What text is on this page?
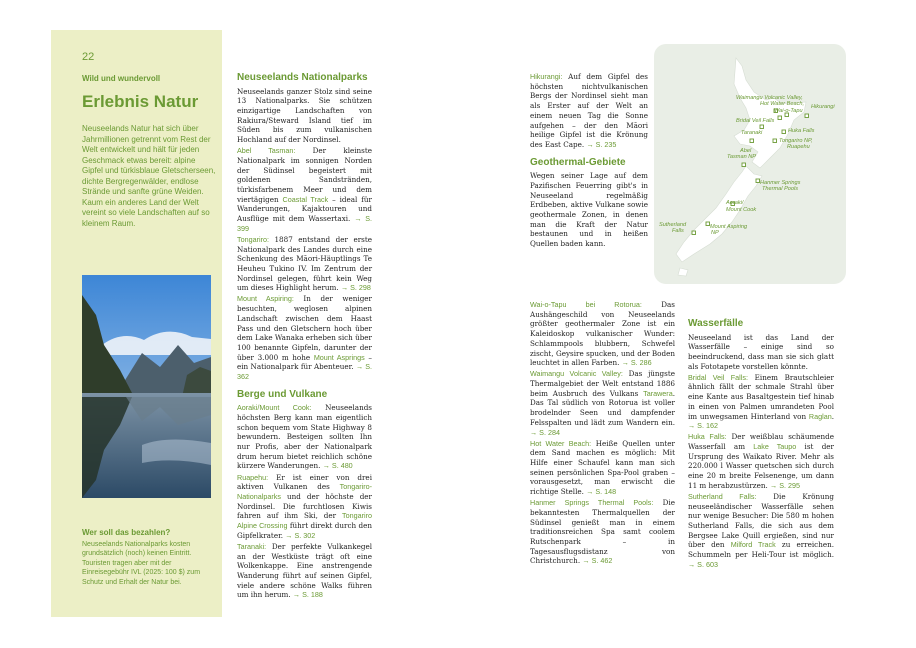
22
Wild und wundervoll
Erlebnis Natur

Neuseelands Natur hat sich über Jahrmillionen getrennt vom Rest der Welt entwickelt und hält für jeden Geschmack etwas bereit: alpine Gipfel und türkisblaue Gletscherseen, dichte Bergregenwälder, endlose Strände und sanfte grüne Weiden. Kaum ein anderes Land der Welt vereint so viele Landschaften auf so kleinem Raum.

Wer soll das bezahlen?

Neuseelands Nationalparks kosten grundsätzlich (noch) keinen Eintritt. Touristen tragen aber mit der Einreisegebühr IVL (2025: 100 $) zum Schutz und Erhalt der Natur bei.

Neuseelands Nationalparks

Neuseelands ganzer Stolz sind seine 13 Nationalparks. Sie schützen einzigartige Landschaften von Rakiura/Steward Island tief im Süden bis zum vulkanischen Hochland auf der Nordinsel.

Abel Tasman: Der kleinste Nationalpark im sonnigen Norden der Südinsel begeistert mit goldenen Sandstränden, türkisfarbenem Meer und dem viertägigen Coastal Track – ideal für Wanderungen, Kajaktouren und Ausflüge mit dem Wassertaxi. → S. 399

Tongariro: 1887 entstand der erste Nationalpark des Landes durch eine Schenkung des Māori-Häuptlings Te Heuheu Tukino IV. Im Zentrum der Nordinsel gelegen, führt kein Weg um dieses Highlight herum. → S. 298

Mount Aspiring: In der weniger besuchten, weglosen alpinen Landschaft zwischen dem Haast Pass und den Gletschern hoch über dem Lake Wanaka erheben sich über 100 benannte Gipfeln, darunter der über 3.000 m hohe Mount Asprings – ein Nationalpark für Abenteuer. → S. 362

Berge und Vulkane

Aoraki/Mount Cook: Neuseelands höchsten Berg kann man eigentlich schon bequem vom State Highway 8 bewundern. Besteigen sollten Ihn nur Profis, aber der Nationalpark drum herum bietet reichlich schöne kürzere Wanderungen. → S. 480

Ruapehu: Er ist einer von drei aktiven Vulkanen des Tongariro-Nationalparks und der höchste der Nordinsel. Die furchtlosen Kiwis fahren auf ihm Ski, der Tongariro Alpine Crossing führt direkt durch den Gipfelkrater. → S. 302

Taranaki: Der perfekte Vulkankegel an der Westküste trägt oft eine Wolkenkappe. Eine anstrengende Wanderung führt auf seinen Gipfel, viele andere schöne Walks führen um ihn herum. → S. 188

Hikurangi: Auf dem Gipfel des höchsten nichtvulkanischen Bergs der Nordinsel sieht man als Erster auf der Welt an einem neuen Tag die Sonne aufgehen – der den Māori heilige Gipfel ist die Krönung des East Cape. → S. 235

Geothermal-Gebiete

Wegen seiner Lage auf dem Pazifischen Feuerring gibt's in Neuseeland regelmäßig Erdbeben, aktive Vulkane sowie geothermale Zonen, in denen man die Kraft der Natur bestaunen und in heißen Quellen baden kann.

Wai-o-Tapu bei Rotorua: Das Aushängeschild von Neuseelands größter geothermaler Zone ist ein Kaleidoskop vulkanischer Wunder: Schlammpools blubbern, Schwefel zischt, Geysire spucken, und der Boden leuchtet in allen Farben. → S. 286

Waimangu Volcanic Valley: Das jüngste Thermalgebiet der Welt entstand 1886 beim Ausbruch des Vulkans Tarawera. Das Tal südlich von Rotorua ist voller brodelnder Seen und dampfender Felsspalten und lädt zum Wandern ein. → S. 284

Hot Water Beach: Heiße Quellen unter dem Sand machen es möglich: Mit Hilfe einer Schaufel kann man sich seinen persönlichen Spa-Pool graben – vorausgesetzt, man erwischt die richtige Stelle. → S. 148

Hanmer Springs Thermal Pools: Die bekanntesten Thermalquellen der Südinsel genießt man in einem traditionsreichen Spa samt coolem Rutschenpark – in Tagesausflugsdistanz von Christchurch. → S. 462

Waimangu Volcanic Valley,
Hot Water Beach,
Wai-o-Tapu
Hikurangi
Bridal Veil Falls
Taranaki	Huka Falls
Tongariro NP,
Ruapehu
Abel
Tasman NP
Hanmer Springs
Thermal Pools
Aoraki/
Mount Cook
Sutherland
Falls
Mount Aspiring
NP
Wasserfälle

Neuseeland ist das Land der Wasserfälle – einige sind so beeindruckend, dass man sie sich glatt als Fototapete vorstellen könnte.

Bridal Veil Falls: Einem Brautschleier ähnlich fällt der schmale Strahl über eine Kante aus Basaltgestein tief hinab in einen von Palmen umrandeten Pool im unwegsamen Hinterland von Raglan. → S. 162

Huka Falls: Der weißblau schäumende Wasserfall am Lake Taupo ist der Ursprung des Waikato River. Mehr als 220.000 l Wasser quetschen sich durch eine 20 m breite Felsenenge, um dann 11 m herabzustürzen. → S. 295

Sutherland Falls: Die Krönung neuseeländischer Wasserfälle sehen nur wenige Besucher: Die 580 m hohen Sutherland Falls, die sich aus dem Bergsee Lake Quill ergießen, sind nur über den Milford Track zu erreichen. Schummeln per Heli-Tour ist möglich. → S. 603
